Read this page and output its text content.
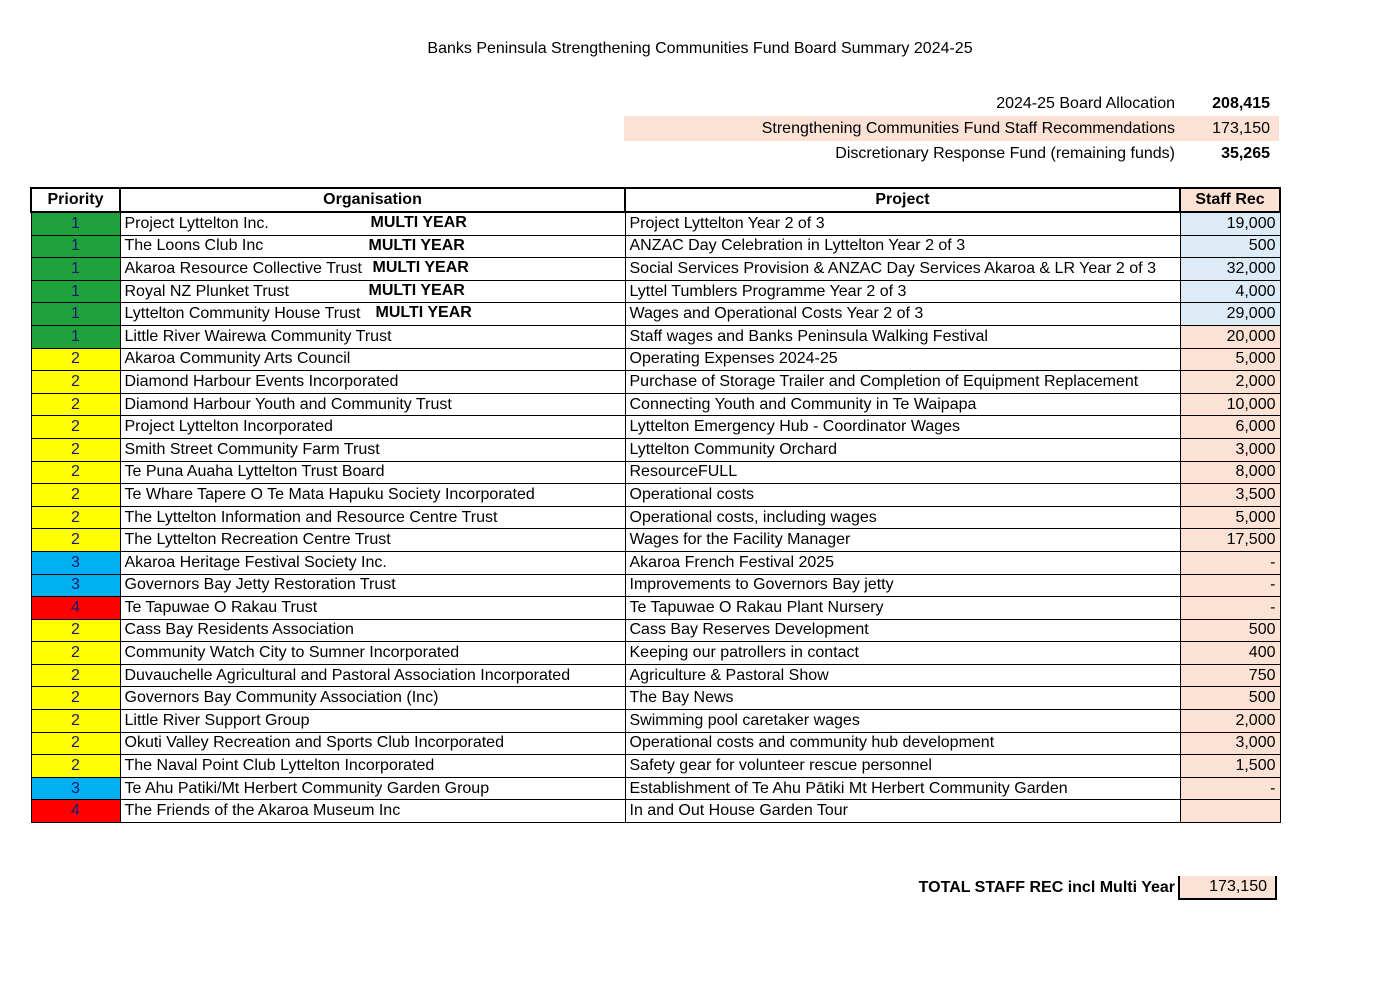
Banks Peninsula Strengthening Communities Fund Board Summary 2024-25
2024-25 Board Allocation	208,415
Strengthening Communities Fund Staff Recommendations	173,150
Discretionary Response Fund (remaining funds)	35,265
Priority	Organisation	Project	Staff Rec
1	Project Lyttelton Inc. MULTI YEAR	Project Lyttelton Year 2 of 3	19,000
1	The Loons Club Inc MULTI YEAR	ANZAC Day Celebration in Lyttelton Year 2 of 3	500
1	Akaroa Resource Collective Trust MULTI YEAR	Social Services Provision & ANZAC Day Services Akaroa & LR Year 2 of 3	32,000
1	Royal NZ Plunket Trust MULTI YEAR	Lyttel Tumblers Programme Year 2 of 3	4,000
1	Lyttelton Community House Trust MULTI YEAR	Wages and Operational Costs Year 2 of 3	29,000
1	Little River Wairewa Community Trust	Staff wages and Banks Peninsula Walking Festival	20,000
2	Akaroa Community Arts Council	Operating Expenses 2024-25	5,000
2	Diamond Harbour Events Incorporated	Purchase of Storage Trailer and Completion of Equipment Replacement	2,000
2	Diamond Harbour Youth and Community Trust	Connecting Youth and Community in Te Waipapa	10,000
2	Project Lyttelton Incorporated	Lyttelton Emergency Hub - Coordinator Wages	6,000
2	Smith Street Community Farm Trust	Lyttelton Community Orchard	3,000
2	Te Puna Auaha Lyttelton Trust Board	ResourceFULL	8,000
2	Te Whare Tapere O Te Mata Hapuku Society Incorporated	Operational costs	3,500
2	The Lyttelton Information and Resource Centre Trust	Operational costs, including wages	5,000
2	The Lyttelton Recreation Centre Trust	Wages for the Facility Manager	17,500
3	Akaroa Heritage Festival Society Inc.	Akaroa French Festival 2025	-
3	Governors Bay Jetty Restoration Trust	Improvements to Governors Bay jetty	-
4	Te Tapuwae O Rakau Trust	Te Tapuwae O Rakau Plant Nursery	-
2	Cass Bay Residents Association	Cass Bay Reserves Development	500
2	Community Watch City to Sumner Incorporated	Keeping our patrollers in contact	400
2	Duvauchelle Agricultural and Pastoral Association Incorporated	Agriculture & Pastoral Show	750
2	Governors Bay Community Association (Inc)	The Bay News	500
2	Little River Support Group	Swimming pool caretaker wages	2,000
2	Okuti Valley Recreation and Sports Club Incorporated	Operational costs and community hub development	3,000
2	The Naval Point Club Lyttelton Incorporated	Safety gear for volunteer rescue personnel	1,500
3	Te Ahu Patiki/Mt Herbert Community Garden Group	Establishment of Te Ahu Pātiki Mt Herbert Community Garden	-
4	The Friends of the Akaroa Museum Inc	In and Out House Garden Tour	
TOTAL STAFF REC incl Multi Year	173,150
